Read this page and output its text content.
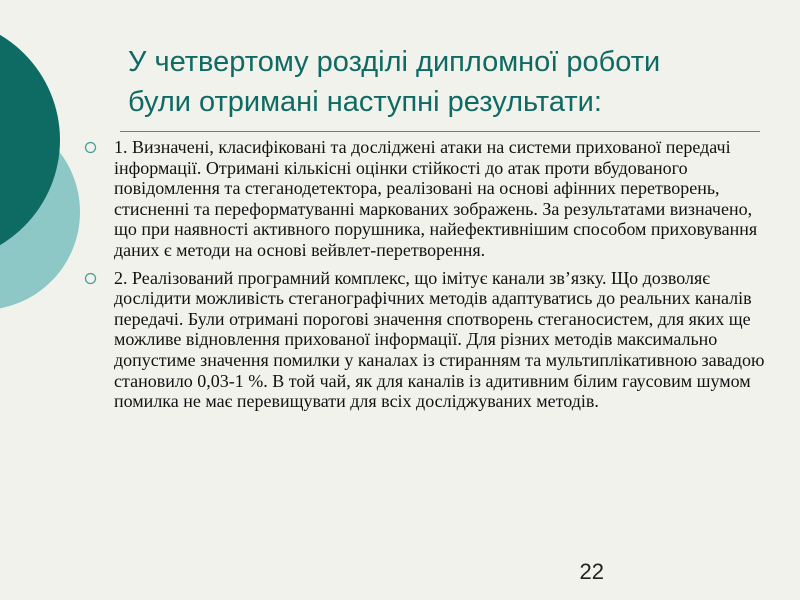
У четвертому розділі дипломної роботи
були отримані наступні результати:
1. Визначені, класифіковані та досліджені атаки на системи прихованої передачі інформації. Отримані кількісні оцінки стійкості до атак проти вбудованого повідомлення та стеганодетектора, реалізовані на основі афінних перетворень, стисненні та переформатуванні маркованих зображень. За результатами визначено, що при наявності активного порушника, найефективнішим способом приховування даних є методи на основі вейвлет-перетворення.
2. Реалізований програмний комплекс, що імітує канали зв’язку. Що дозволяє дослідити можливість стеганографічних методів адаптуватись до реальних каналів передачі. Були отримані порогові значення спотворень стеганосистем, для яких ще можливе відновлення прихованої інформації. Для різних методів максимально допустиме значення помилки у каналах із стиранням та мультиплікативною завадою становило 0,03-1 %. В той чай, як для каналів із адитивним білим гаусовим шумом помилка не має перевищувати для всіх досліджуваних методів.
22
